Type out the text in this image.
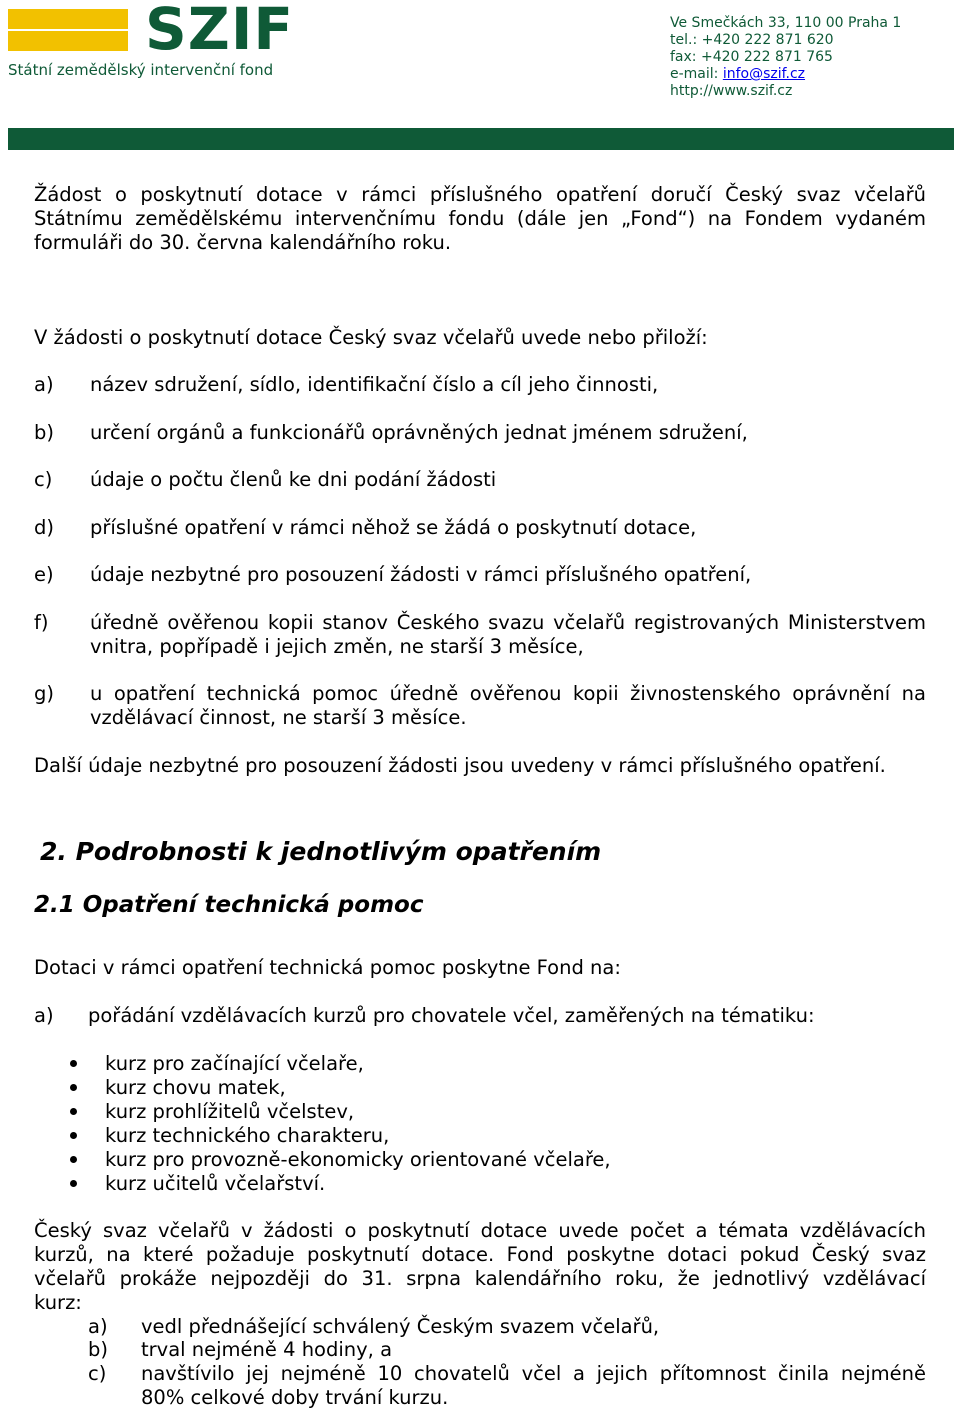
SZIF
Státní zemědělský intervenční fond
Ve Smečkách 33, 110 00 Praha 1
tel.: +420 222 871 620
fax: +420 222 871 765
e-mail: info@szif.cz
http://www.szif.cz
Žádost o poskytnutí dotace v rámci příslušného opatření doručí Český svaz včelařů
Státnímu zemědělskému intervenčnímu fondu (dále jen „Fond“) na Fondem vydaném
formuláři do 30. června kalendářního roku.
V žádosti o poskytnutí dotace Český svaz včelařů uvede nebo přiloží:
a) název sdružení, sídlo, identifikační číslo a cíl jeho činnosti,
b) určení orgánů a funkcionářů oprávněných jednat jménem sdružení,
c) údaje o počtu členů ke dni podání žádosti
d) příslušné opatření v rámci něhož se žádá o poskytnutí dotace,
e) údaje nezbytné pro posouzení žádosti v rámci příslušného opatření,
f) úředně ověřenou kopii stanov Českého svazu včelařů registrovaných Ministerstvem
vnitra, popřípadě i jejich změn, ne starší 3 měsíce,
g) u opatření technická pomoc úředně ověřenou kopii živnostenského oprávnění na
vzdělávací činnost, ne starší 3 měsíce.
Další údaje nezbytné pro posouzení žádosti jsou uvedeny v rámci příslušného opatření.
2. Podrobnosti k jednotlivým opatřením
2.1 Opatření technická pomoc
Dotaci v rámci opatření technická pomoc poskytne Fond na:
a) pořádání vzdělávacích kurzů pro chovatele včel, zaměřených na tématiku:
kurz pro začínající včelaře,
kurz chovu matek,
kurz prohlížitelů včelstev,
kurz technického charakteru,
kurz pro provozně-ekonomicky orientované včelaře,
kurz učitelů včelařství.
Český svaz včelařů v žádosti o poskytnutí dotace uvede počet a témata vzdělávacích
kurzů, na které požaduje poskytnutí dotace. Fond poskytne dotaci pokud Český svaz
včelařů prokáže nejpozději do 31. srpna kalendářního roku, že jednotlivý vzdělávací
kurz:
a) vedl přednášející schválený Českým svazem včelařů,
b) trval nejméně 4 hodiny, a
c) navštívilo jej nejméně 10 chovatelů včel a jejich přítomnost činila nejméně
80% celkové doby trvání kurzu.
